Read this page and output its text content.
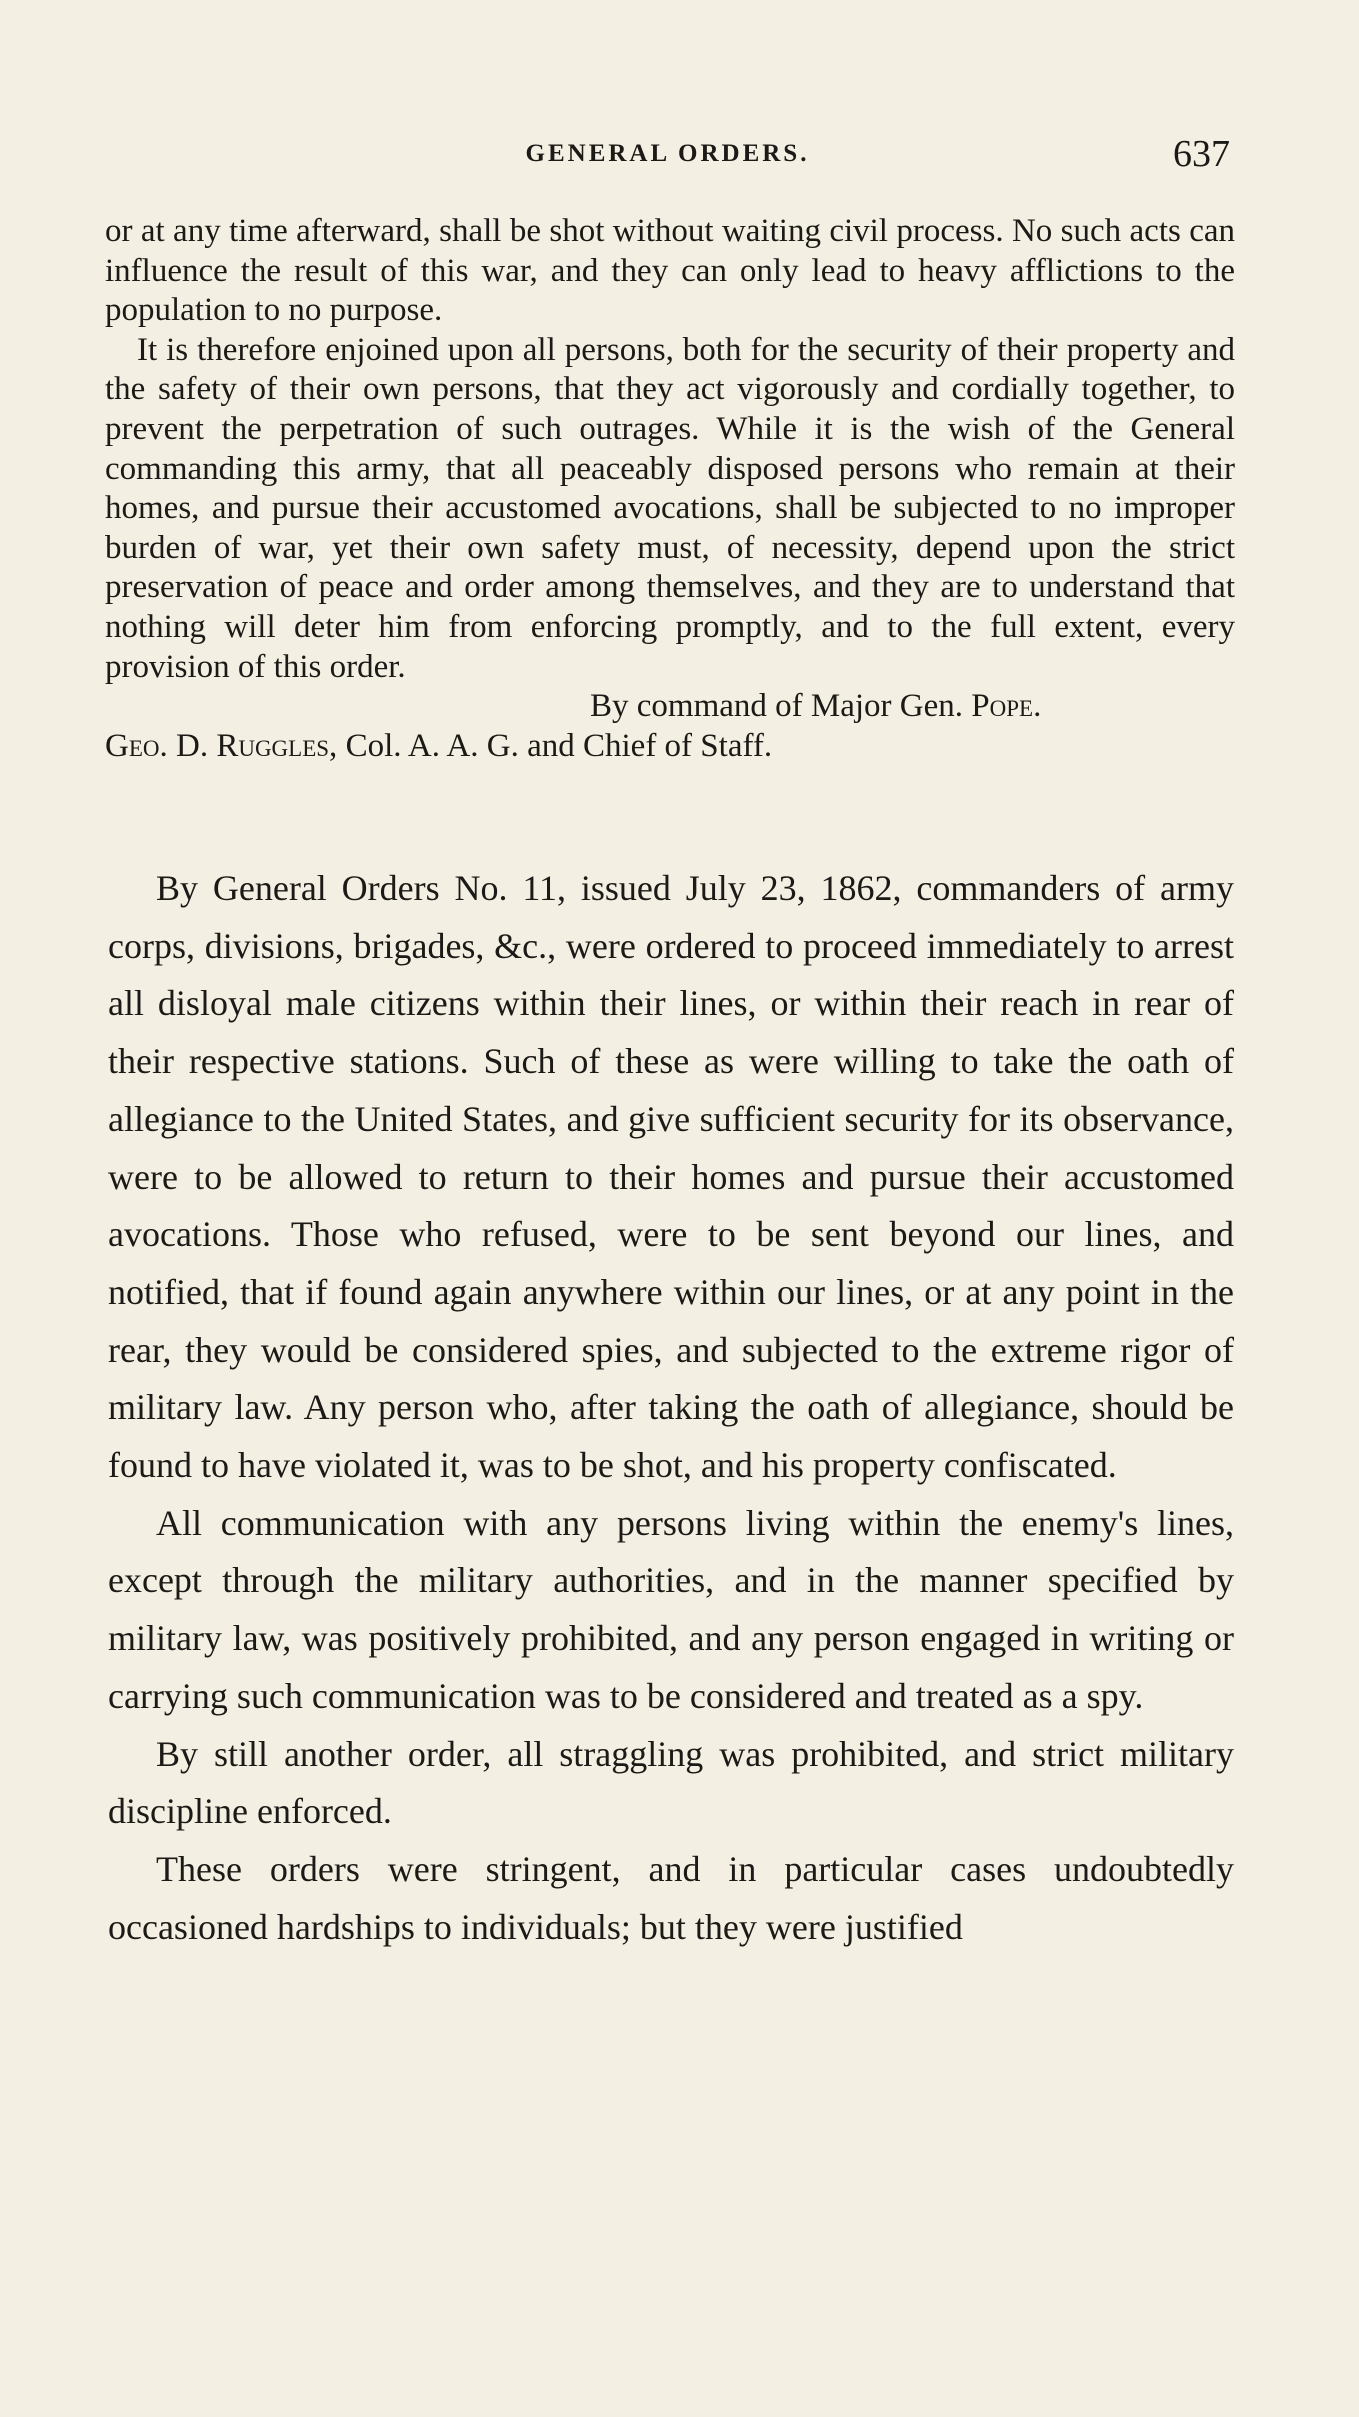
GENERAL ORDERS.	637

or at any time afterward, shall be shot without waiting civil process. No such acts can influence the result of this war, and they can only lead to heavy afflictions to the population to no purpose.

It is therefore enjoined upon all persons, both for the security of their property and the safety of their own persons, that they act vigorously and cordially together, to prevent the perpetration of such outrages. While it is the wish of the General commanding this army, that all peaceably disposed persons who remain at their homes, and pursue their accustomed avocations, shall be subjected to no improper burden of war, yet their own safety must, of necessity, depend upon the strict preservation of peace and order among themselves, and they are to understand that nothing will deter him from enforcing promptly, and to the full extent, every provision of this order.

By command of Major Gen. Pope.

Geo. D. Ruggles, Col. A. A. G. and Chief of Staff.

By General Orders No. 11, issued July 23, 1862, commanders of army corps, divisions, brigades, &c., were ordered to proceed immediately to arrest all disloyal male citizens within their lines, or within their reach in rear of their respective stations. Such of these as were willing to take the oath of allegiance to the United States, and give sufficient security for its observance, were to be allowed to return to their homes and pursue their accustomed avocations. Those who refused, were to be sent beyond our lines, and notified, that if found again anywhere within our lines, or at any point in the rear, they would be considered spies, and subjected to the extreme rigor of military law. Any person who, after taking the oath of allegiance, should be found to have violated it, was to be shot, and his property confiscated.

All communication with any persons living within the enemy's lines, except through the military authorities, and in the manner specified by military law, was positively prohibited, and any person engaged in writing or carrying such communication was to be considered and treated as a spy.

By still another order, all straggling was prohibited, and strict military discipline enforced.

These orders were stringent, and in particular cases undoubtedly occasioned hardships to individuals; but they were justified
